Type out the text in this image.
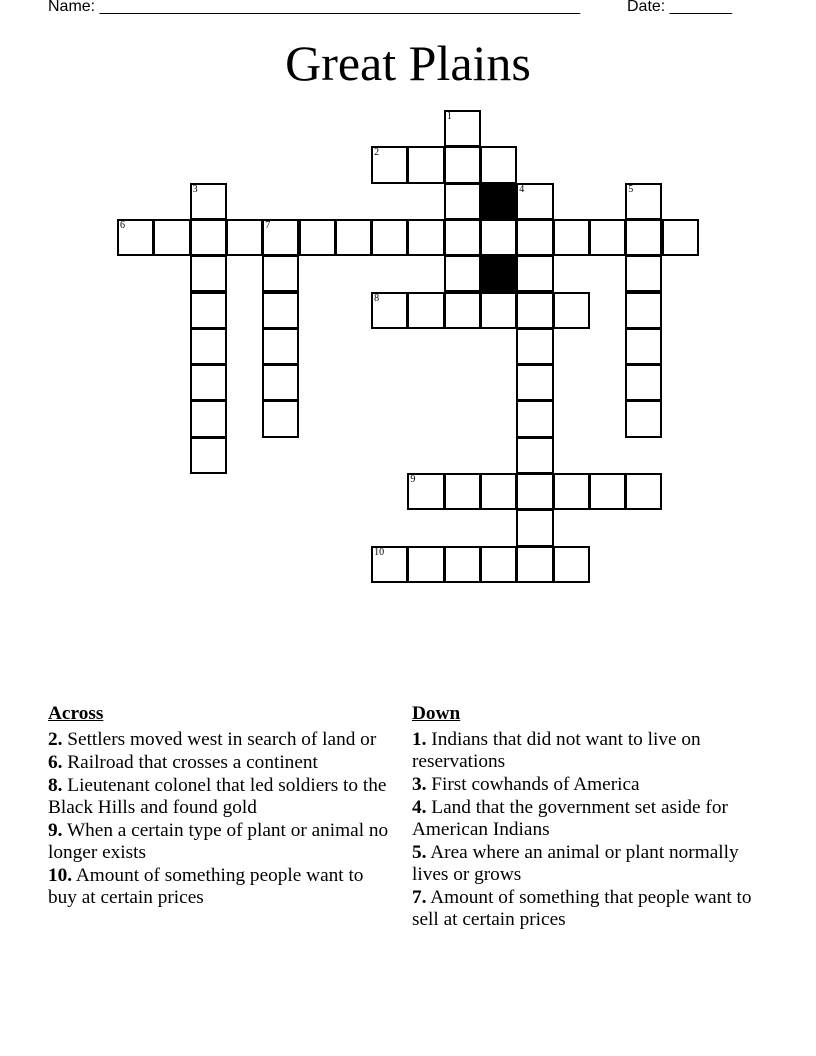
Name: ______________________________________________________	Date: _______
Great Plains
1
2
3	4	5
6	7
8
9
10
Across
2. Settlers moved west in search of land or
6. Railroad that crosses a continent
8. Lieutenant colonel that led soldiers to the Black Hills and found gold
9. When a certain type of plant or animal no longer exists
10. Amount of something people want to buy at certain prices
Down
1. Indians that did not want to live on reservations
3. First cowhands of America
4. Land that the government set aside for American Indians
5. Area where an animal or plant normally lives or grows
7. Amount of something that people want to sell at certain prices
